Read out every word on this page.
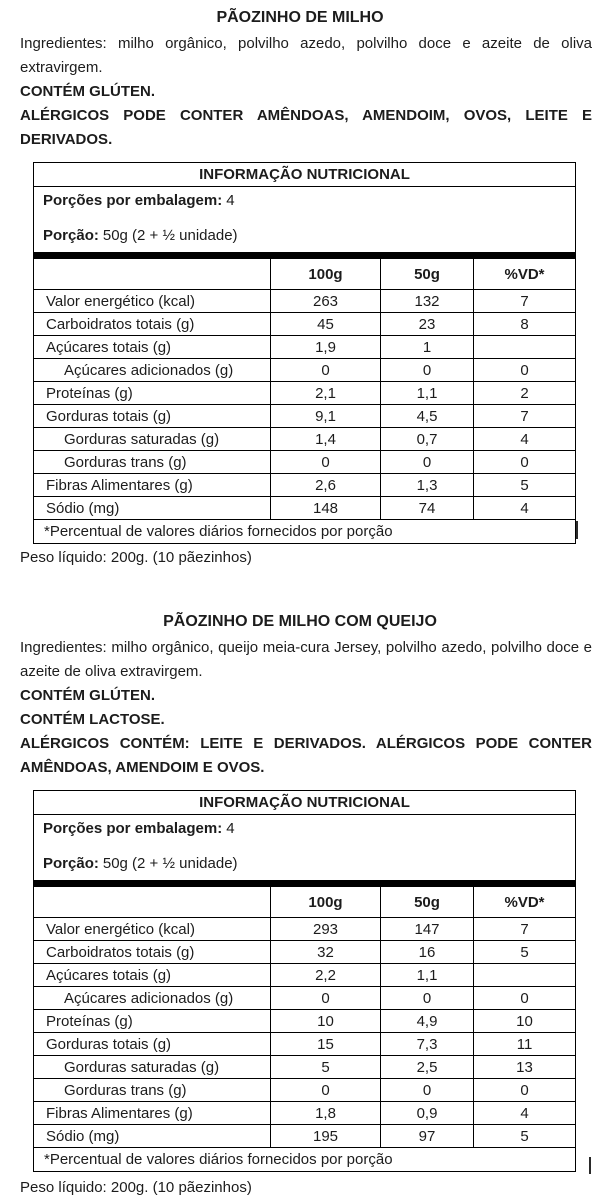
PÃOZINHO DE MILHO

Ingredientes: milho orgânico, polvilho azedo, polvilho doce e azeite de oliva extravirgem.

CONTÉM GLÚTEN.

ALÉRGICOS PODE CONTER AMÊNDOAS, AMENDOIM, OVOS, LEITE E DERIVADOS.

INFORMAÇÃO NUTRICIONAL			

Porções por embalagem: 4
Porção: 50g (2 + ½ unidade)			

	100g	50g	%VD*
Valor energético (kcal)	263	132	7
Carboidratos totais (g)	45	23	8
Açúcares totais (g)	1,9	1	
Açúcares adicionados (g)	0	0	0
Proteínas (g)	2,1	1,1	2
Gorduras totais (g)	9,1	4,5	7
Gorduras saturadas (g)	1,4	0,7	4
Gorduras trans (g)	0	0	0
Fibras Alimentares (g)	2,6	1,3	5
Sódio (mg)	148	74	4
*Percentual de valores diários fornecidos por porção			

Peso líquido: 200g. (10 pãezinhos)

PÃOZINHO DE MILHO COM QUEIJO

Ingredientes: milho orgânico, queijo meia-cura Jersey, polvilho azedo, polvilho doce e azeite de oliva extravirgem.

CONTÉM GLÚTEN.

CONTÉM LACTOSE.

ALÉRGICOS CONTÉM: LEITE E DERIVADOS. ALÉRGICOS PODE CONTER AMÊNDOAS, AMENDOIM E OVOS.

INFORMAÇÃO NUTRICIONAL			

Porções por embalagem: 4
Porção: 50g (2 + ½ unidade)			

	100g	50g	%VD*
Valor energético (kcal)	293	147	7
Carboidratos totais (g)	32	16	5
Açúcares totais (g)	2,2	1,1	
Açúcares adicionados (g)	0	0	0
Proteínas (g)	10	4,9	10
Gorduras totais (g)	15	7,3	11
Gorduras saturadas (g)	5	2,5	13
Gorduras trans (g)	0	0	0
Fibras Alimentares (g)	1,8	0,9	4
Sódio (mg)	195	97	5
*Percentual de valores diários fornecidos por porção			

Peso líquido: 200g. (10 pãezinhos)
